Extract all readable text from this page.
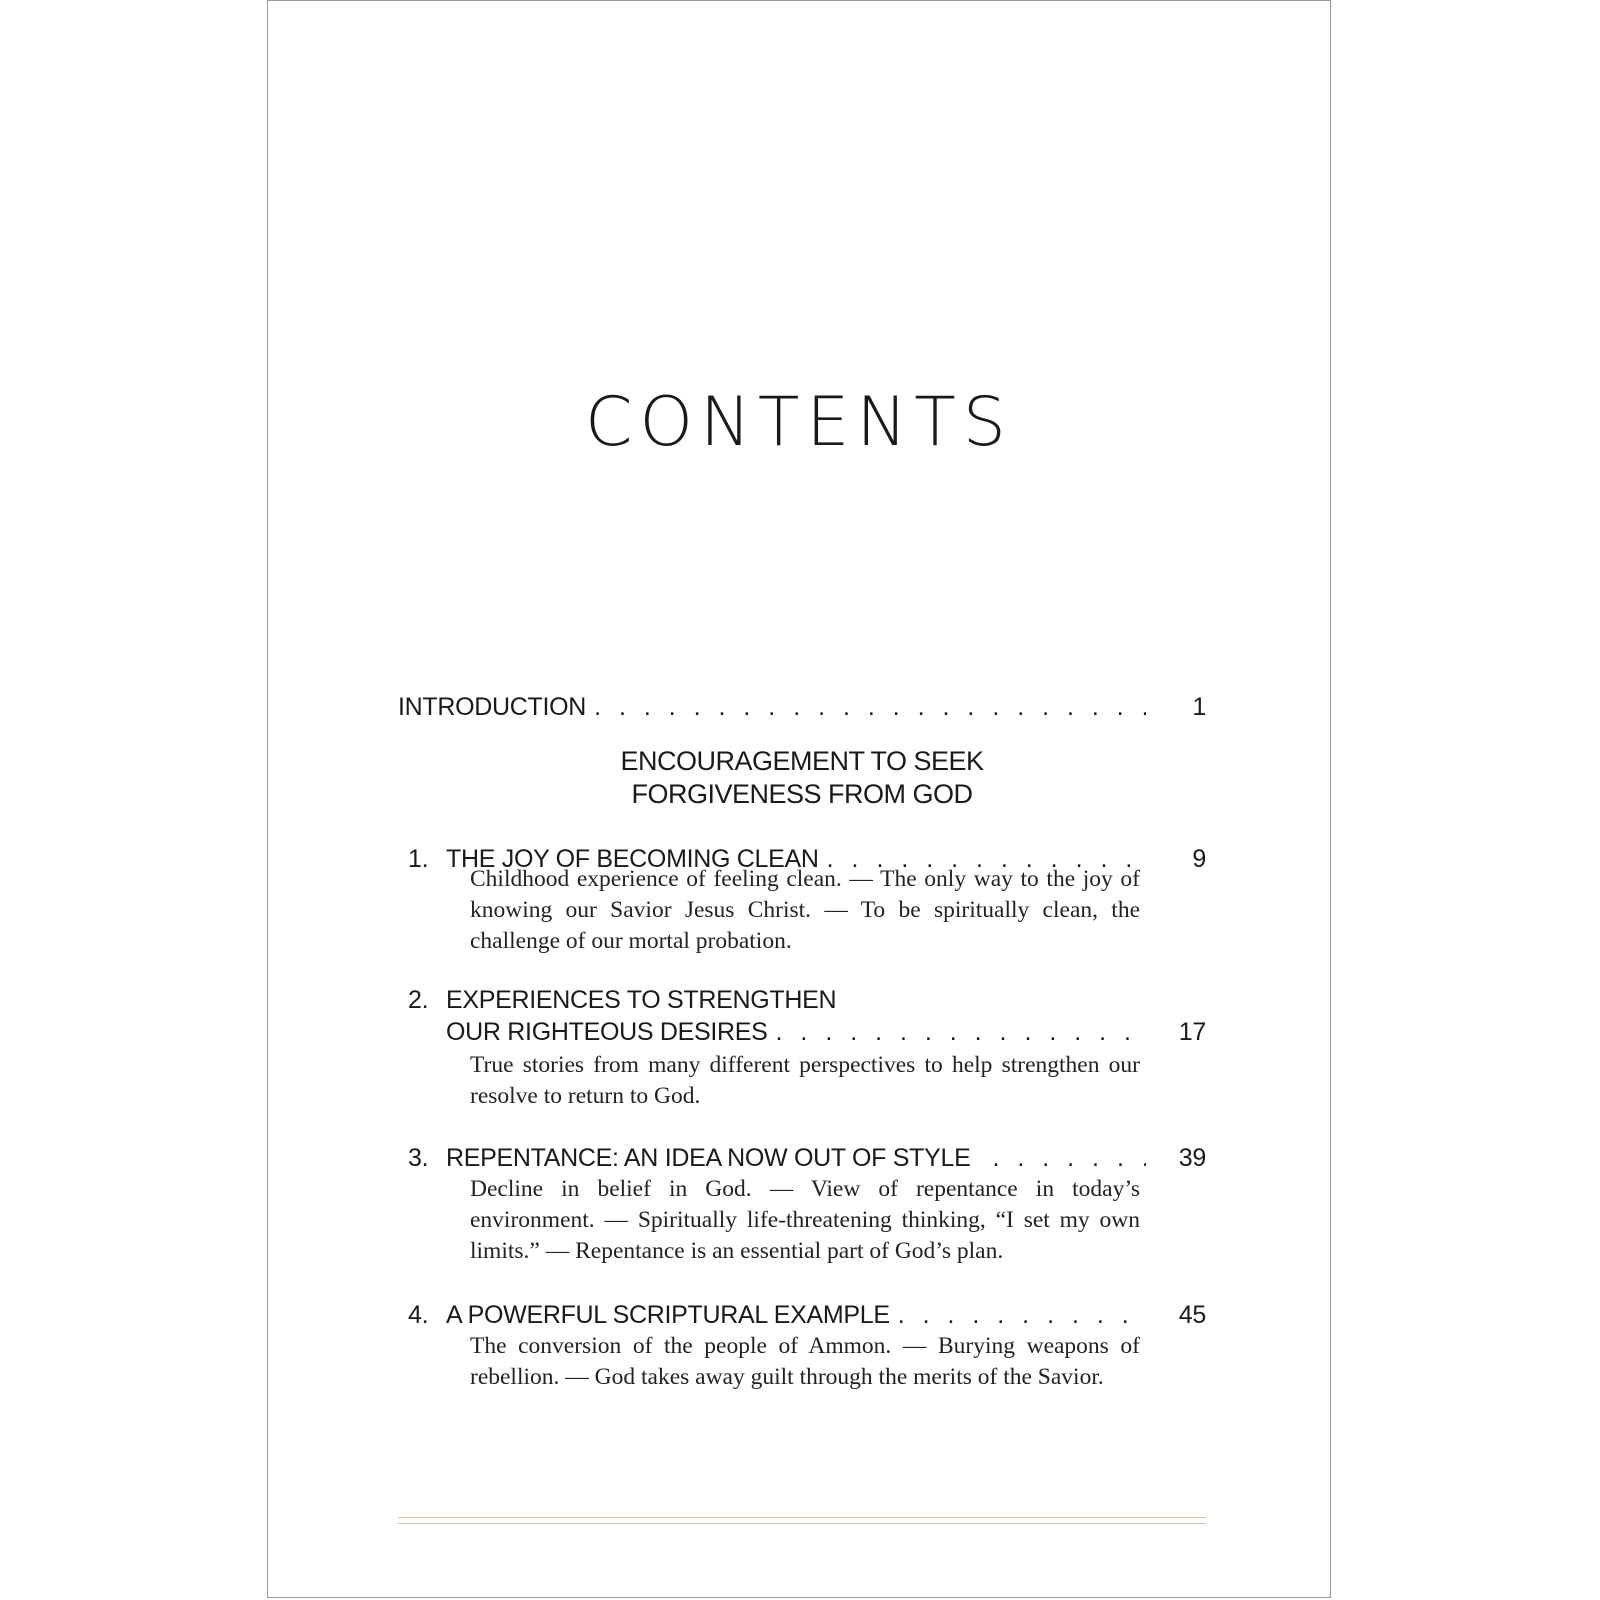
CONTENTS
INTRODUCTION . . .	1
ENCOURAGEMENT TO SEEK
FORGIVENESS FROM GOD
1. THE JOY OF BECOMING CLEAN . . .	9
Childhood experience of feeling clean. — The only way to the joy of knowing our Savior Jesus Christ. — To be spiritually clean, the challenge of our mortal probation.
2. EXPERIENCES TO STRENGTHEN
OUR RIGHTEOUS DESIRES . . .	17
True stories from many different perspectives to help strengthen our resolve to return to God.
3. REPENTANCE: AN IDEA NOW OUT OF STYLE . . .	39
Decline in belief in God. — View of repentance in today’s environment. — Spiritually life-threatening thinking, “I set my own limits.” — Repentance is an essential part of God’s plan.
4. A POWERFUL SCRIPTURAL EXAMPLE . . .	45
The conversion of the people of Ammon. — Burying weapons of rebellion. — God takes away guilt through the merits of the Savior.
